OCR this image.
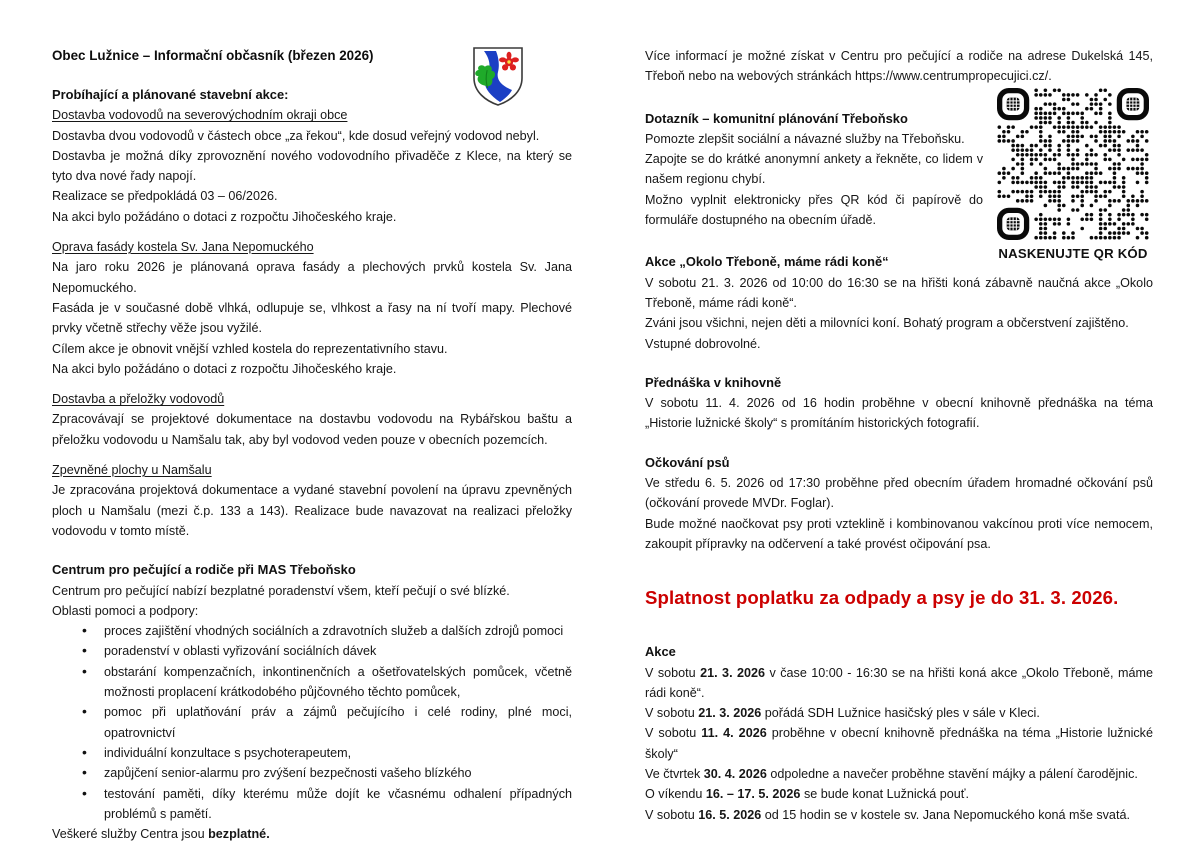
Obec Lužnice – Informační občasník (březen 2026)
Probíhající a plánované stavební akce:
Dostavba vodovodů na severovýchodním okraji obce

Dostavba dvou vodovodů v částech obce „za řekou“, kde dosud veřejný vodovod nebyl.

Dostavba je možná díky zprovoznění nového vodovodního přivaděče z Klece, na který se tyto dva nové řady napojí.

Realizace se předpokládá 03 – 06/2026.

Na akci bylo požádáno o dotaci z rozpočtu Jihočeského kraje.

Oprava fasády kostela Sv. Jana Nepomuckého

Na jaro roku 2026 je plánovaná oprava fasády a plechových prvků kostela Sv. Jana Nepomuckého.

Fasáda je v současné době vlhká, odlupuje se, vlhkost a řasy na ní tvoří mapy. Plechové prvky včetně střechy věže jsou vyžilé.

Cílem akce je obnovit vnější vzhled kostela do reprezentativního stavu.

Na akci bylo požádáno o dotaci z rozpočtu Jihočeského kraje.

Dostavba a přeložky vodovodů

Zpracovávají se projektové dokumentace na dostavbu vodovodu na Rybářskou baštu a přeložku vodovodu u Namšalu tak, aby byl vodovod veden pouze v obecních pozemcích.

Zpevněné plochy u Namšalu

Je zpracována projektová dokumentace a vydané stavební povolení na úpravu zpevněných ploch u Namšalu (mezi č.p. 133 a 143). Realizace bude navazovat na realizaci přeložky vodovodu v tomto místě.

Centrum pro pečující a rodiče při MAS Třeboňsko

Centrum pro pečující nabízí bezplatné poradenství všem, kteří pečují o své blízké.

Oblasti pomoci a podpory:

• proces zajištění vhodných sociálních a zdravotních služeb a dalších zdrojů pomoci
• poradenství v oblasti vyřizování sociálních dávek
• obstarání kompenzačních, inkontinenčních a ošetřovatelských pomůcek, včetně možnosti proplacení krátkodobého půjčovného těchto pomůcek,
• pomoc při uplatňování práv a zájmů pečujícího i celé rodiny, plné moci, opatrovnictví
• individuální konzultace s psychoterapeutem,
• zapůjčení senior-alarmu pro zvýšení bezpečnosti vašeho blízkého
• testování paměti, díky kterému může dojít ke včasnému odhalení případných problémů s pamětí.

Veškeré služby Centra jsou bezplatné.

Více informací je možné získat v Centru pro pečující a rodiče na adrese Dukelská 145, Třeboň nebo na webových stránkách https://www.centrumpropecujici.cz/.

Dotazník – komunitní plánování Třeboňsko

Pomozte zlepšit sociální a návazné služby na Třeboňsku.

Zapojte se do krátké anonymní ankety a řekněte, co lidem v našem regionu chybí.

Možno vyplnit elektronicky přes QR kód či papírově do formuláře dostupného na obecním úřadě.

Akce „Okolo Třeboně, máme rádi koně“

V sobotu 21. 3. 2026 od 10:00 do 16:30 se na hřišti koná zábavně naučná akce „Okolo Třeboně, máme rádi koně“.

Zváni jsou všichni, nejen děti a milovníci koní. Bohatý program a občerstvení zajištěno.

Vstupné dobrovolné.

Přednáška v knihovně

V sobotu 11. 4. 2026 od 16 hodin proběhne v obecní knihovně přednáška na téma „Historie lužnické školy“ s promítáním historických fotografií.

Očkování psů

Ve středu 6. 5. 2026 od 17:30 proběhne před obecním úřadem hromadné očkování psů (očkování provede MVDr. Foglar).

Bude možné naočkovat psy proti vzteklině i kombinovanou vakcínou proti více nemocem, zakoupit přípravky na odčervení a také provést očipování psa.

Splatnost poplatku za odpady a psy je do 31. 3. 2026.
Akce

V sobotu 21. 3. 2026 v čase 10:00 - 16:30 se na hřišti koná akce „Okolo Třeboně, máme rádi koně“.

V sobotu 21. 3. 2026 pořádá SDH Lužnice hasičský ples v sále v Kleci.

V sobotu 11. 4. 2026 proběhne v obecní knihovně přednáška na téma „Historie lužnické školy“

Ve čtvrtek 30. 4. 2026 odpoledne a navečer proběhne stavění májky a pálení čarodějnic.

O víkendu 16. – 17. 5. 2026 se bude konat Lužnická pouť.

V sobotu 16. 5. 2026 od 15 hodin se v kostele sv. Jana Nepomuckého koná mše svatá.

NASKENUJTE QR KÓD
